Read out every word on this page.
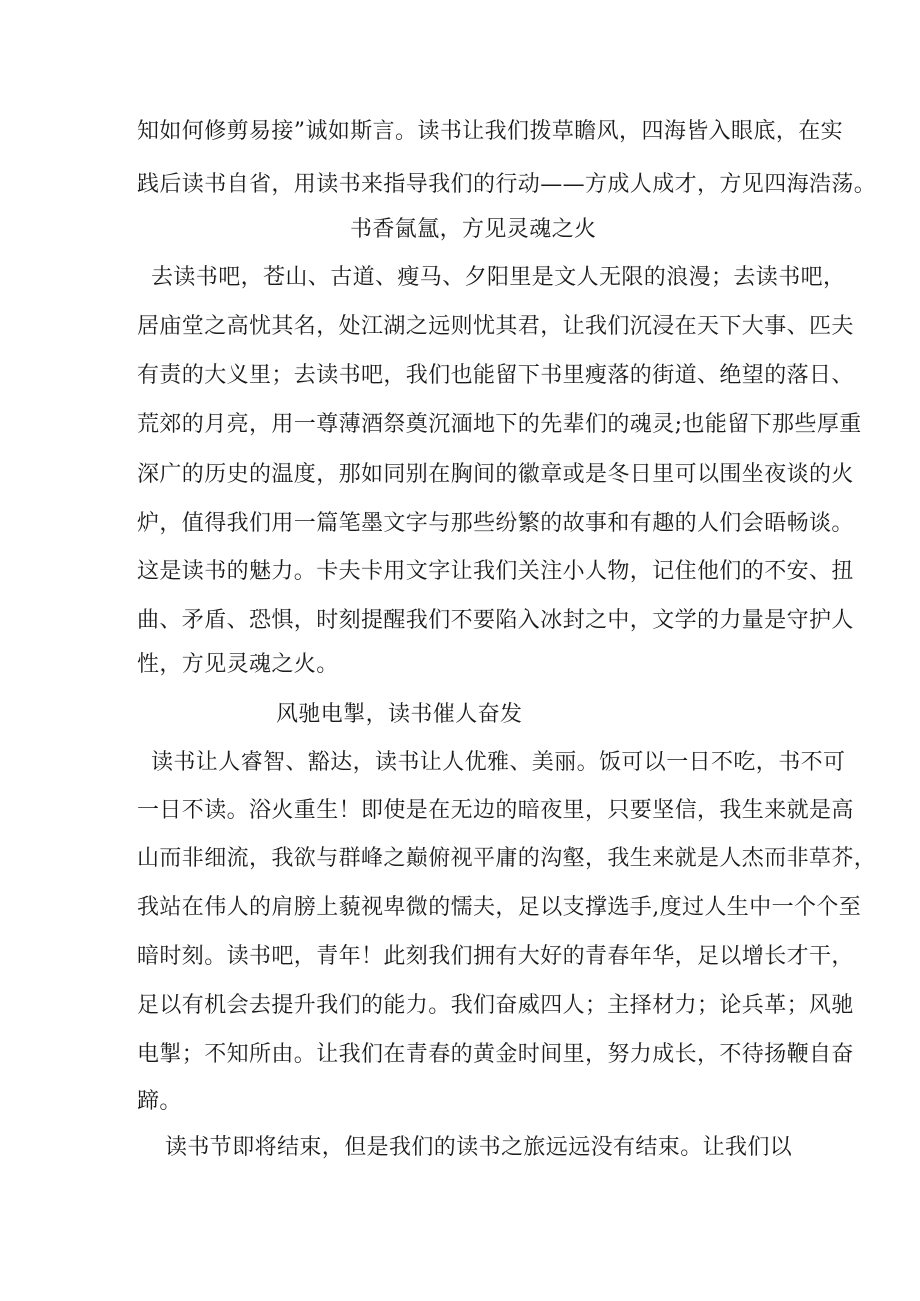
知如何修剪易接”诚如斯言。读书让我们拨草瞻风，四海皆入眼底，在实
践后读书自省，用读书来指导我们的行动——方成人成才，方见四海浩荡。
书香氤氲，方见灵魂之火
去读书吧，苍山、古道、瘦马、夕阳里是文人无限的浪漫；去读书吧，
居庙堂之高忧其名，处江湖之远则忧其君，让我们沉浸在天下大事、匹夫
有责的大义里；去读书吧，我们也能留下书里瘦落的街道、绝望的落日、
荒郊的月亮，用一尊薄酒祭奠沉湎地下的先辈们的魂灵;也能留下那些厚重
深广的历史的温度，那如同别在胸间的徽章或是冬日里可以围坐夜谈的火
炉，值得我们用一篇笔墨文字与那些纷繁的故事和有趣的人们会晤畅谈。
这是读书的魅力。卡夫卡用文字让我们关注小人物，记住他们的不安、扭
曲、矛盾、恐惧，时刻提醒我们不要陷入冰封之中，文学的力量是守护人
性，方见灵魂之火。
风驰电掣，读书催人奋发
读书让人睿智、豁达，读书让人优雅、美丽。饭可以一日不吃，书不可
一日不读。浴火重生！即使是在无边的暗夜里，只要坚信，我生来就是高
山而非细流，我欲与群峰之巅俯视平庸的沟壑，我生来就是人杰而非草芥，
我站在伟人的肩膀上藐视卑微的懦夫，足以支撑选手,度过人生中一个个至
暗时刻。读书吧，青年！此刻我们拥有大好的青春年华，足以增长才干，
足以有机会去提升我们的能力。我们奋威四人；主择材力；论兵革；风驰
电掣；不知所由。让我们在青春的黄金时间里，努力成长，不待扬鞭自奋
蹄。
读书节即将结束，但是我们的读书之旅远远没有结束。让我们以
